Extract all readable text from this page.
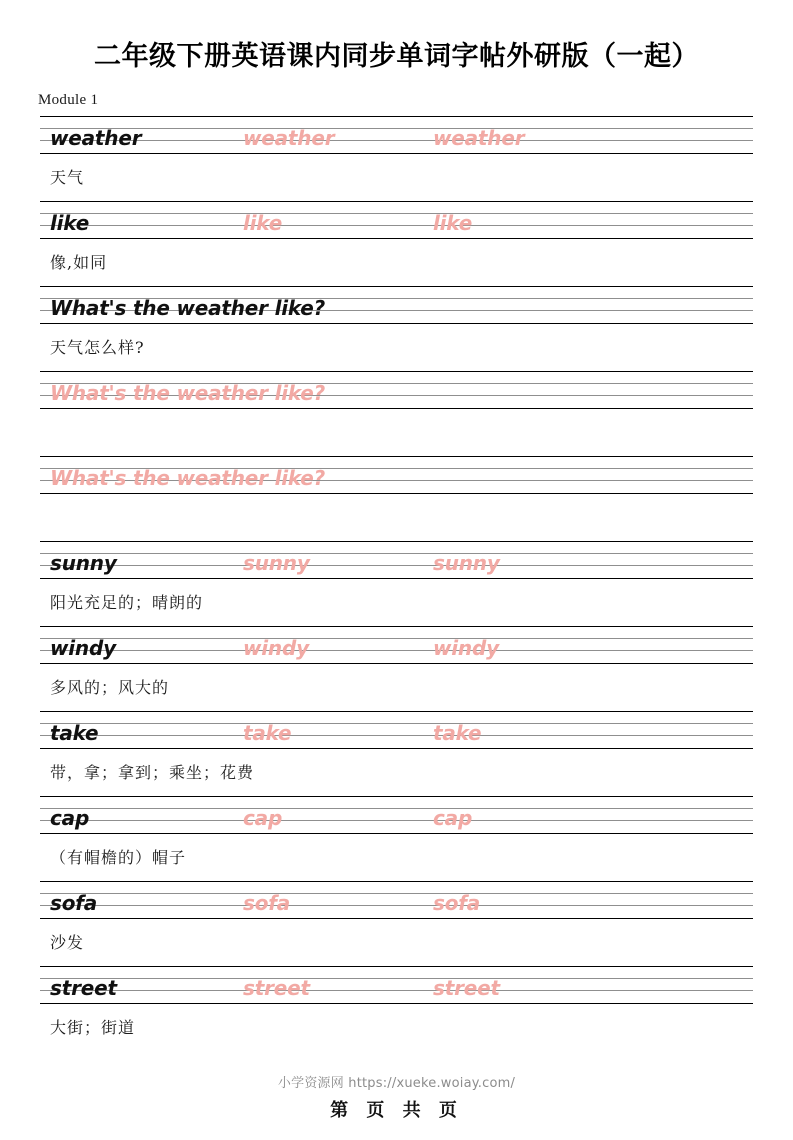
二年级下册英语课内同步单词字帖外研版（一起）
Module 1
weather	weather	weather
天气
like	like	like
像,如同
What's the weather like?
天气怎么样?
What's the weather like?
What's the weather like?
sunny	sunny	sunny
阳光充足的；晴朗的
windy	windy	windy
多风的；风大的
take	take	take
带，拿；拿到；乘坐；花费
cap	cap	cap
（有帽檐的）帽子
sofa	sofa	sofa
沙发
street	street	street
大街；街道
小学资源网 https://xueke.woiay.com/
第 页 共 页
